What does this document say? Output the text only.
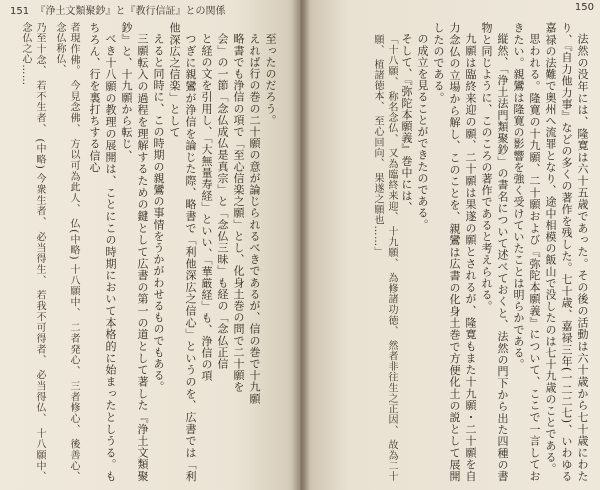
151 『浄土文類聚鈔』と『教行信証』との関係

至ったのだろう。

えれば行の巻の二十願の意が論じられるべきであるが、信の巻で十九願

略書でも浄信の項で「至心信楽之願」とし、化身土巻の問で二十願を

会」の一節「念仏成仏是真宗」と「念仏三昧」も経の「念仏正信

と経の文を引用し、「大無量寿経」といい、「華厳経」も、浄信の項

つぎに親鸞が浄信を論じた際、略書で「利他深広之信心」というのを、広書では「利他深広之信楽」として

えると同時に、この時期の親鸞の事情をうかがわせるものでもある。

三願転入の過程を理解するための鍵として広書の第一の道として著した『浄土文類聚鈔』と、十九願から転じ、

べき十八願の教理の展開は、ことにこの時期において本格的に始まったとしうる。もちろん、行を裏打ちする信心

者現作佛。 今見念佛、 方以可為此人、 仏(中略) 十八願中、 二者発心、 三者修心、 後善心、 念仏称仏、

乃至十念、 若不生者、 (中略) 今衆生者、 必当得生、 若我不可得者、 必当得仏、 十八願中、 念仏之心……

150

法然の没年には、隆寛は六十五歳であった。その後の活動は六十歳から七十歳にわたり、『自力他力事』などの多くの著作を残した。七十歳、嘉禄三年(一二二七)、いわゆる嘉禄の法難で奥州へ流罪となり、途中相模の飯山で没したのは七十九歳のことである。

思われる。隆寛の十九願、二十願および『弥陀本願義』について、ここで一言しておきたい。親鸞は隆寛の影響を強く受けていたことは明らかである。

縦然、「浄土法門類聚鈔」の書名について述べておくと、法然の門下から出た四種の書物と同じように、このころの著作であると考えられる。

九願は臨終来迎の願、二十願は果遂の願とされるが、隆寛もまた十九願・二十願を自力念仏の立場から解し、このことを、親鸞は広書の化身土巻で方便化土の説として展開したのである。

の成立を見ることができたのである。

そして、『弥陀本願義』巻中には、

「十八願、 称名念仏、 又為臨終来迎、 十九願、 為修諸功徳、 然者非往生之正因、 故為二十願、 植諸徳本、 至心回向、 果遂之願也……」
